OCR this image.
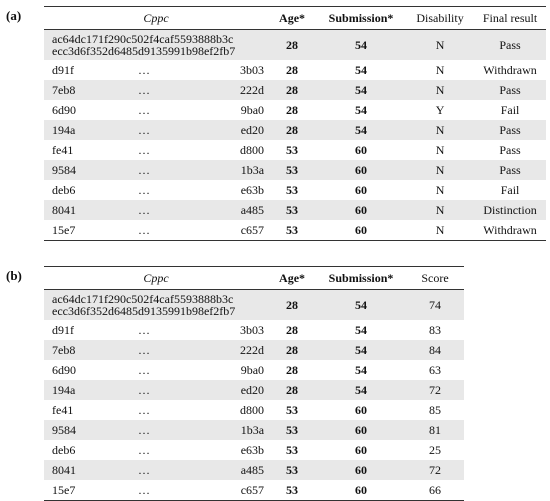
(a)	Cppc			Age*	Submission*	Disability	Final result

ac64dc171f290c502f4caf5593888b3c
ecc3d6f352d6485d9135991b98ef2fb7			28	54	N	Pass
d91f	…	3b03	28	54	N	Withdrawn
7eb8	…	222d	28	54	N	Pass
6d90	…	9ba0	28	54	Y	Fail
194a	…	ed20	28	54	N	Pass
fe41	…	d800	53	60	N	Pass
9584	…	1b3a	53	60	N	Pass
deb6	…	e63b	53	60	N	Fail
8041	…	a485	53	60	N	Distinction
15e7	…	c657	53	60	N	Withdrawn
(b)	Cppc			Age*	Submission*	Score

ac64dc171f290c502f4caf5593888b3c
ecc3d6f352d6485d9135991b98ef2fb7			28	54	74
d91f	…	3b03	28	54	83
7eb8	…	222d	28	54	84
6d90	…	9ba0	28	54	63
194a	…	ed20	28	54	72
fe41	…	d800	53	60	85
9584	…	1b3a	53	60	81
deb6	…	e63b	53	60	25
8041	…	a485	53	60	72
15e7	…	c657	53	60	66
